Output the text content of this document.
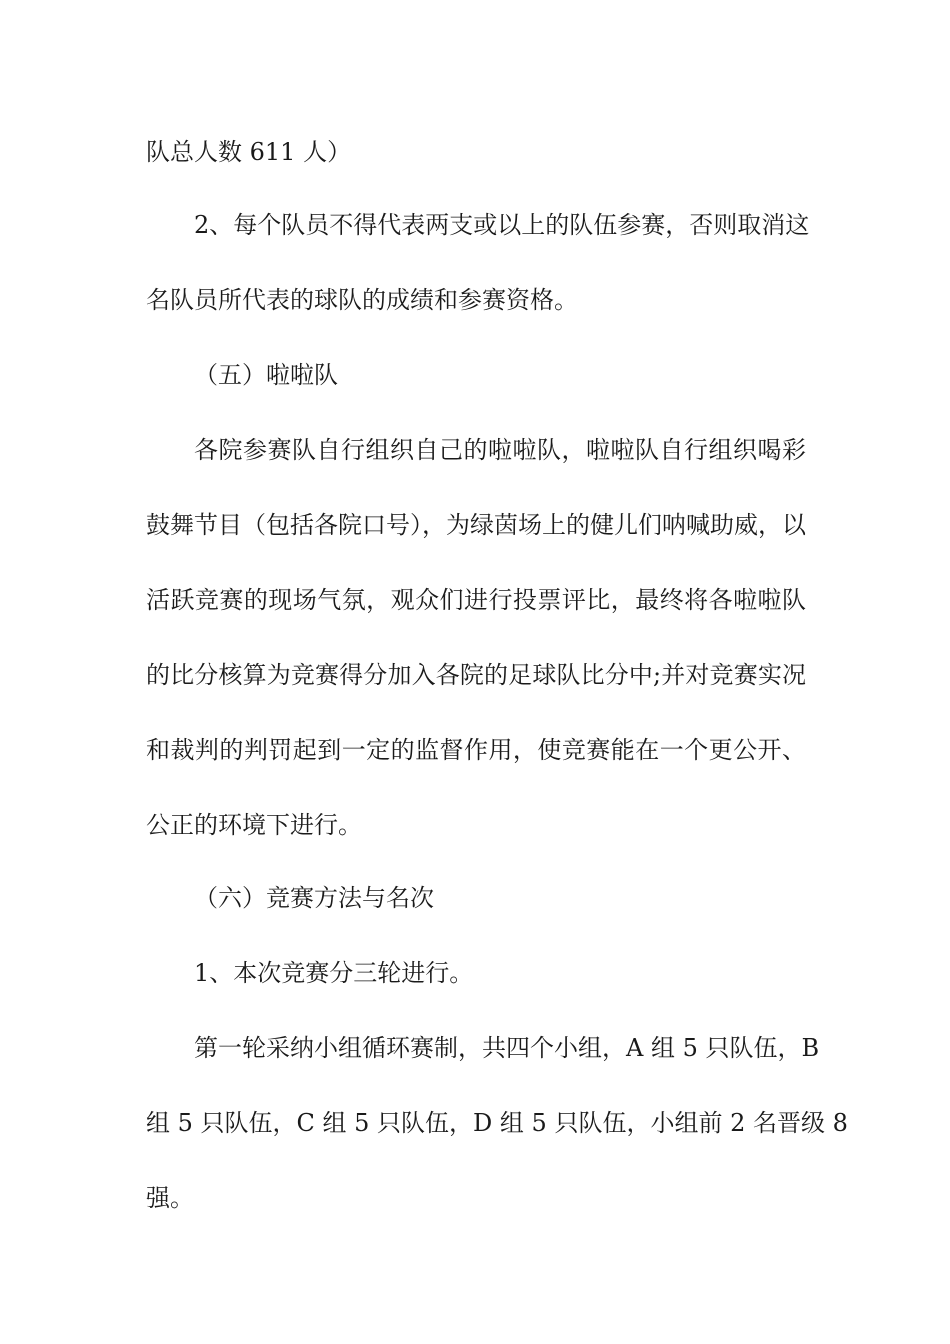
队总人数 611 人）
2、每个队员不得代表两支或以上的队伍参赛，否则取消这
名队员所代表的球队的成绩和参赛资格。
（五）啦啦队
各院参赛队自行组织自己的啦啦队，啦啦队自行组织喝彩
鼓舞节目（包括各院口号），为绿茵场上的健儿们呐喊助威，以
活跃竞赛的现场气氛，观众们进行投票评比，最终将各啦啦队
的比分核算为竞赛得分加入各院的足球队比分中;并对竞赛实况
和裁判的判罚起到一定的监督作用，使竞赛能在一个更公开、
公正的环境下进行。
（六）竞赛方法与名次
1、本次竞赛分三轮进行。
第一轮采纳小组循环赛制，共四个小组，A 组 5 只队伍，B
组 5 只队伍，C 组 5 只队伍，D 组 5 只队伍，小组前 2 名晋级 8
强。
